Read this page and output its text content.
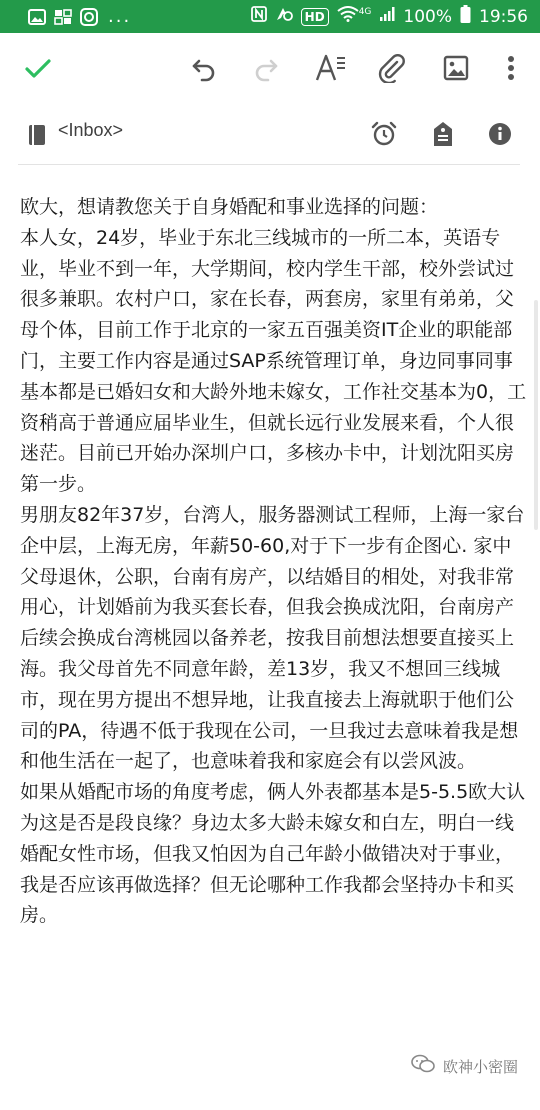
...	HD	4G 100% 19:56
<Inbox>

欧大，想请教您关于自身婚配和事业选择的问题：

本人女，24岁，毕业于东北三线城市的一所二本，英语专业，毕业不到一年，大学期间，校内学生干部，校外尝试过很多兼职。农村户口，家在长春，两套房，家里有弟弟，父母个体，目前工作于北京的一家五百强美资IT企业的职能部门，主要工作内容是通过SAP系统管理订单，身边同事同事基本都是已婚妇女和大龄外地未嫁女，工作社交基本为0，工资稍高于普通应届毕业生，但就长远行业发展来看，个人很迷茫。目前已开始办深圳户口，多核办卡中，计划沈阳买房第一步。

男朋友82年37岁，台湾人，服务器测试工程师，上海一家台企中层，上海无房，年薪50-60,对于下一步有企图心. 家中父母退休，公职，台南有房产，以结婚目的相处，对我非常用心，计划婚前为我买套长春，但我会换成沈阳，台南房产后续会换成台湾桃园以备养老，按我目前想法想要直接买上海。我父母首先不同意年龄，差13岁，我又不想回三线城市，现在男方提出不想异地，让我直接去上海就职于他们公司的PA，待遇不低于我现在公司，一旦我过去意味着我是想和他生活在一起了，也意味着我和家庭会有以尝风波。

如果从婚配市场的角度考虑，俩人外表都基本是5-5.5欧大认为这是否是段良缘？身边太多大龄未嫁女和白左，明白一线婚配女性市场，但我又怕因为自己年龄小做错决对于事业，我是否应该再做选择？但无论哪种工作我都会坚持办卡和买房。

欧神小密圈
